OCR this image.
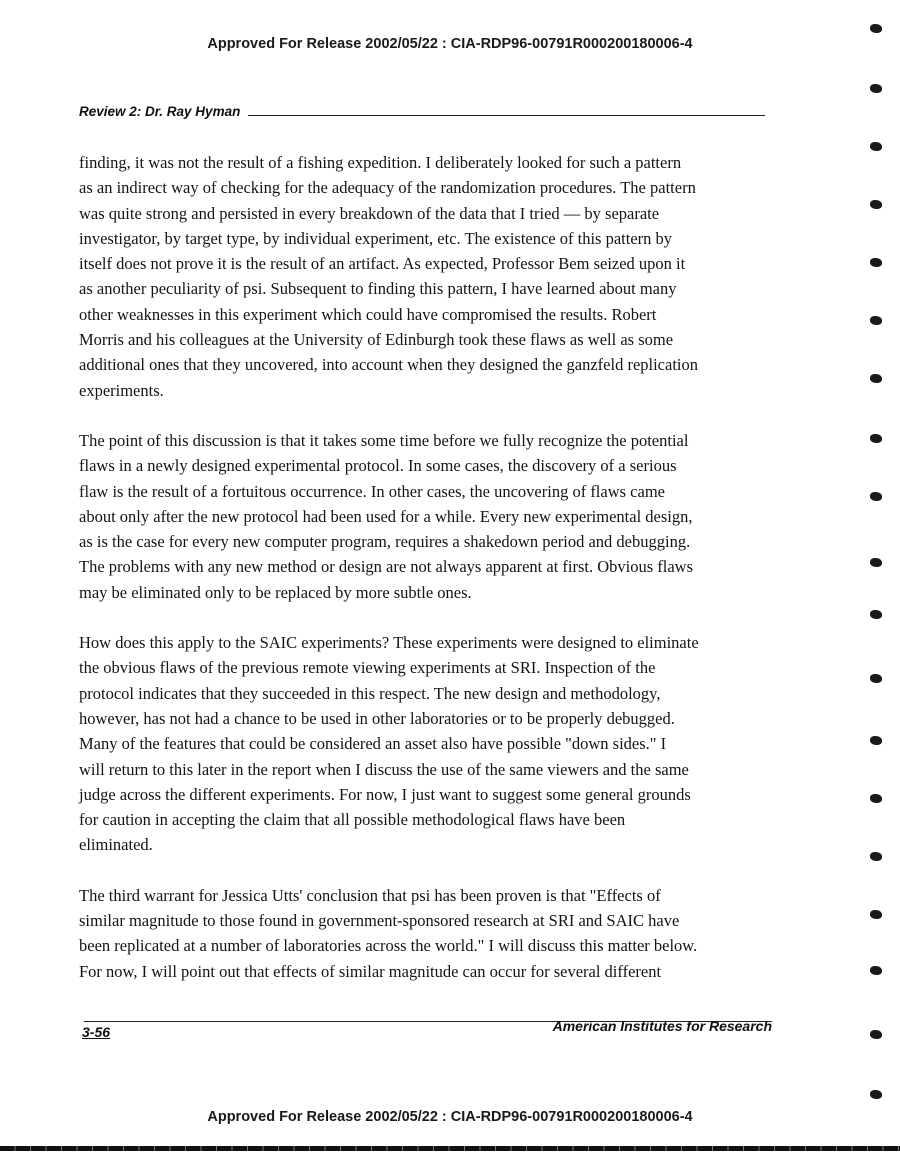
Approved For Release 2002/05/22 : CIA-RDP96-00791R000200180006-4
Review 2: Dr. Ray Hyman

finding, it was not the result of a fishing expedition. I deliberately looked for such a pattern
as an indirect way of checking for the adequacy of the randomization procedures. The pattern
was quite strong and persisted in every breakdown of the data that I tried — by separate
investigator, by target type, by individual experiment, etc. The existence of this pattern by
itself does not prove it is the result of an artifact. As expected, Professor Bem seized upon it
as another peculiarity of psi. Subsequent to finding this pattern, I have learned about many
other weaknesses in this experiment which could have compromised the results. Robert
Morris and his colleagues at the University of Edinburgh took these flaws as well as some
additional ones that they uncovered, into account when they designed the ganzfeld replication
experiments.

The point of this discussion is that it takes some time before we fully recognize the potential
flaws in a newly designed experimental protocol. In some cases, the discovery of a serious
flaw is the result of a fortuitous occurrence. In other cases, the uncovering of flaws came
about only after the new protocol had been used for a while. Every new experimental design,
as is the case for every new computer program, requires a shakedown period and debugging.
The problems with any new method or design are not always apparent at first. Obvious flaws
may be eliminated only to be replaced by more subtle ones.

How does this apply to the SAIC experiments? These experiments were designed to eliminate
the obvious flaws of the previous remote viewing experiments at SRI. Inspection of the
protocol indicates that they succeeded in this respect. The new design and methodology,
however, has not had a chance to be used in other laboratories or to be properly debugged.
Many of the features that could be considered an asset also have possible "down sides." I
will return to this later in the report when I discuss the use of the same viewers and the same
judge across the different experiments. For now, I just want to suggest some general grounds
for caution in accepting the claim that all possible methodological flaws have been
eliminated.

The third warrant for Jessica Utts' conclusion that psi has been proven is that "Effects of
similar magnitude to those found in government-sponsored research at SRI and SAIC have
been replicated at a number of laboratories across the world." I will discuss this matter below.
For now, I will point out that effects of similar magnitude can occur for several different

3-56	American Institutes for Research
Approved For Release 2002/05/22 : CIA-RDP96-00791R000200180006-4
